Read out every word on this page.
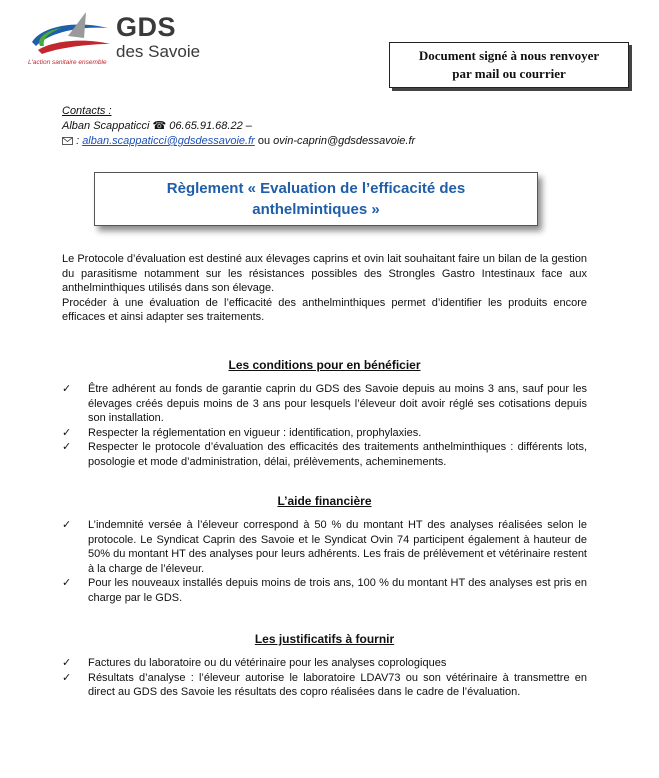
GDS
des Savoie
L'action sanitaire ensemble	Document signé à nous renvoyer
par mail ou courrier
Contacts :
Alban Scappaticci ☎ 06.65.91.68.22 –
: alban.scappaticci@gdsdessavoie.fr ou ovin-caprin@gdsdessavoie.fr
Règlement « Evaluation de l’efficacité des
anthelmintiques »

Le Protocole d’évaluation est destiné aux élevages caprins et ovin lait souhaitant faire un bilan de la gestion du parasitisme notamment sur les résistances possibles des Strongles Gastro Intestinaux face aux anthelminthiques utilisés dans son élevage.

Procéder à une évaluation de l’efficacité des anthelminthiques permet d’identifier les produits encore efficaces et ainsi adapter ses traitements.

Les conditions pour en bénéficier
✓ Être adhérent au fonds de garantie caprin du GDS des Savoie depuis au moins 3 ans, sauf pour les élevages créés depuis moins de 3 ans pour lesquels l’éleveur doit avoir réglé ses cotisations depuis son installation.
✓ Respecter la réglementation en vigueur : identification, prophylaxies.
✓ Respecter le protocole d’évaluation des efficacités des traitements anthelminthiques : différents lots, posologie et mode d’administration, délai, prélèvements, acheminements.
L’aide financière
✓ L’indemnité versée à l’éleveur correspond à 50 % du montant HT des analyses réalisées selon le protocole. Le Syndicat Caprin des Savoie et le Syndicat Ovin 74 participent également à hauteur de 50% du montant HT des analyses pour leurs adhérents. Les frais de prélèvement et vétérinaire restent à la charge de l’éleveur.
✓ Pour les nouveaux installés depuis moins de trois ans, 100 % du montant HT des analyses est pris en charge par le GDS.
Les justificatifs à fournir
✓ Factures du laboratoire ou du vétérinaire pour les analyses coprologiques
✓ Résultats d’analyse : l’éleveur autorise le laboratoire LDAV73 ou son vétérinaire à transmettre en direct au GDS des Savoie les résultats des copro réalisées dans le cadre de l’évaluation.
